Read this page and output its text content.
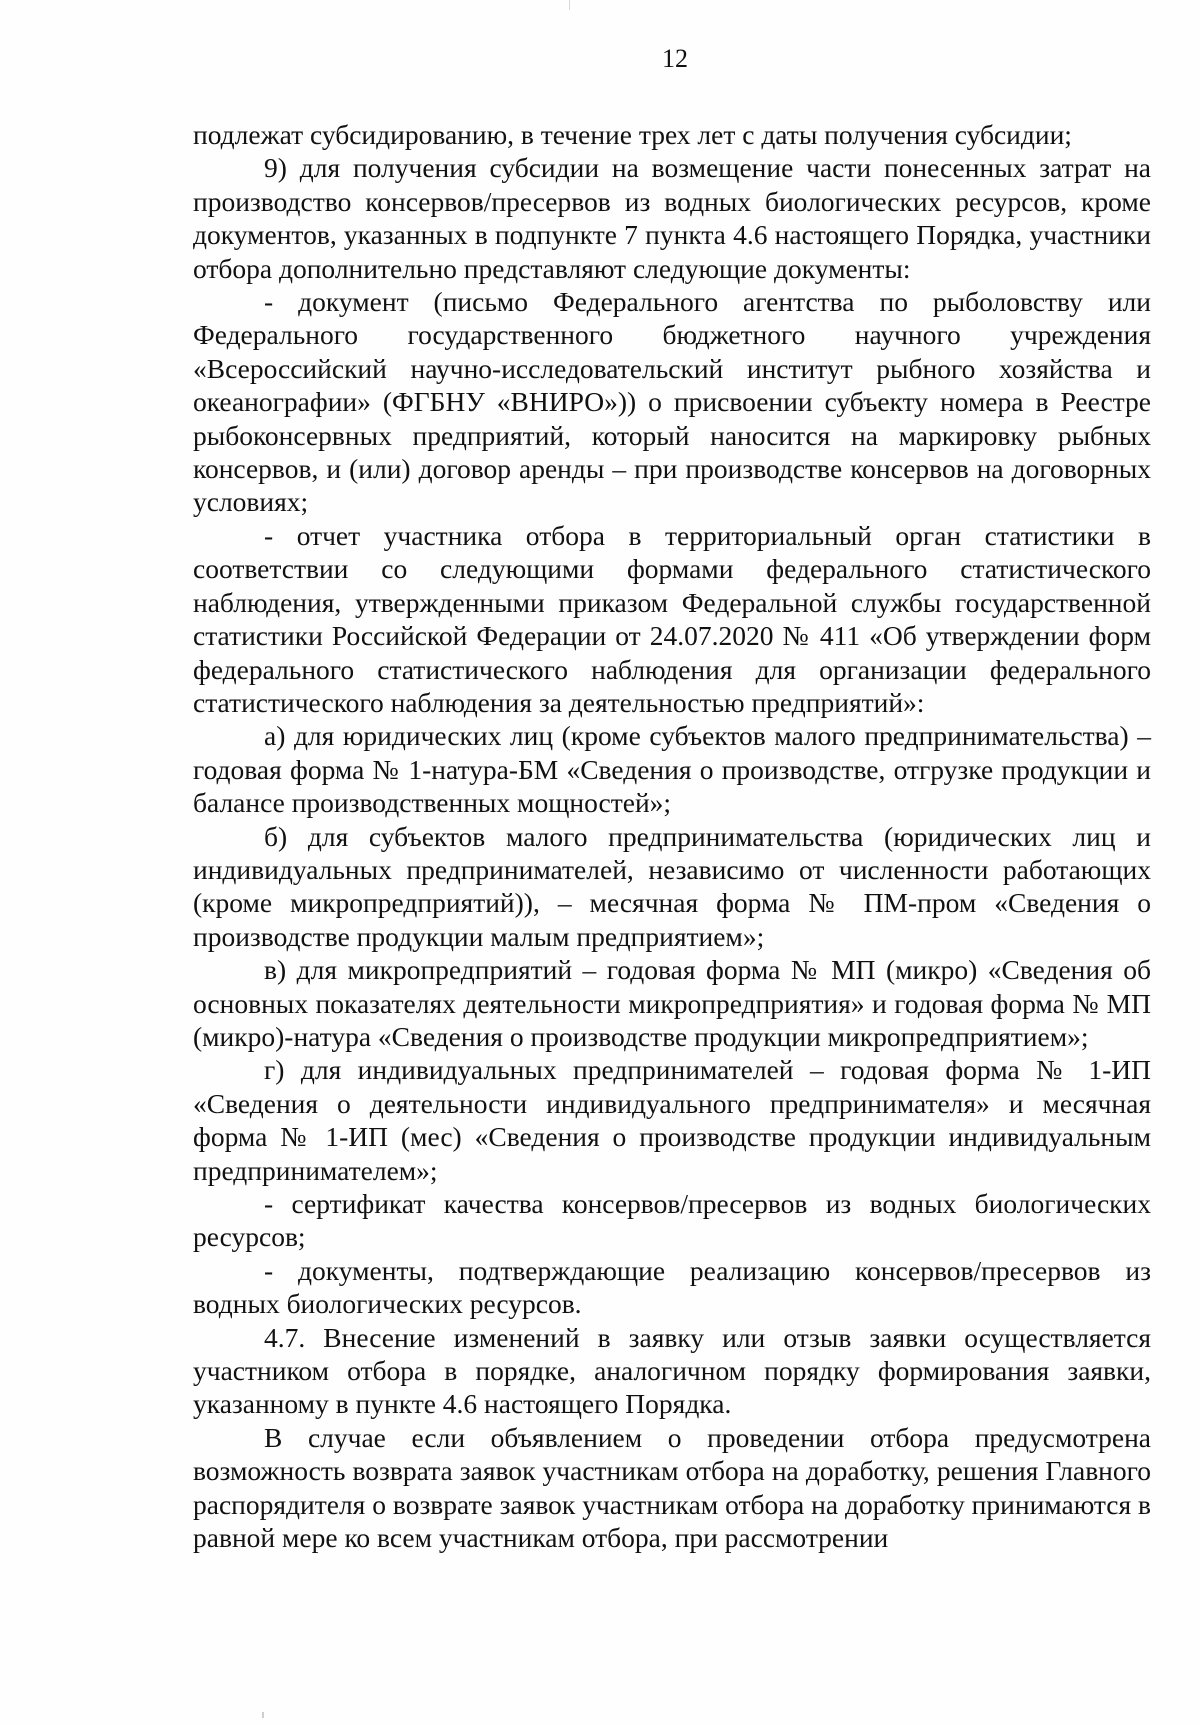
12

подлежат субсидированию, в течение трех лет с даты получения субсидии;

9) для получения субсидии на возмещение части понесенных затрат на производство консервов/пресервов из водных биологических ресурсов, кроме документов, указанных в подпункте 7 пункта 4.6 настоящего Порядка, участники отбора дополнительно представляют следующие документы:

- документ (письмо Федерального агентства по рыболовству или Федерального государственного бюджетного научного учреждения «Всероссийский научно-исследовательский институт рыбного хозяйства и океанографии» (ФГБНУ «ВНИРО»)) о присвоении субъекту номера в Реестре рыбоконсервных предприятий, который наносится на маркировку рыбных консервов, и (или) договор аренды – при производстве консервов на договорных условиях;

- отчет участника отбора в территориальный орган статистики в соответствии со следующими формами федерального статистического наблюдения, утвержденными приказом Федеральной службы государственной статистики Российской Федерации от 24.07.2020 № 411 «Об утверждении форм федерального статистического наблюдения для организации федерального статистического наблюдения за деятельностью предприятий»:

а) для юридических лиц (кроме субъектов малого предпринимательства) – годовая форма № 1-натура-БМ «Сведения о производстве, отгрузке продукции и балансе производственных мощностей»;

б) для субъектов малого предпринимательства (юридических лиц и индивидуальных предпринимателей, независимо от численности работающих (кроме микропредприятий)), – месячная форма № ПМ-пром «Сведения о производстве продукции малым предприятием»;

в) для микропредприятий – годовая форма № МП (микро) «Сведения об основных показателях деятельности микропредприятия» и годовая форма № МП (микро)-натура «Сведения о производстве продукции микропредприятием»;

г) для индивидуальных предпринимателей – годовая форма № 1-ИП «Сведения о деятельности индивидуального предпринимателя» и месячная форма № 1-ИП (мес) «Сведения о производстве продукции индивидуальным предпринимателем»;

- сертификат качества консервов/пресервов из водных биологических ресурсов;

- документы, подтверждающие реализацию консервов/пресервов из водных биологических ресурсов.

4.7. Внесение изменений в заявку или отзыв заявки осуществляется участником отбора в порядке, аналогичном порядку формирования заявки, указанному в пункте 4.6 настоящего Порядка.

В случае если объявлением о проведении отбора предусмотрена возможность возврата заявок участникам отбора на доработку, решения Главного распорядителя о возврате заявок участникам отбора на доработку принимаются в равной мере ко всем участникам отбора, при рассмотрении
